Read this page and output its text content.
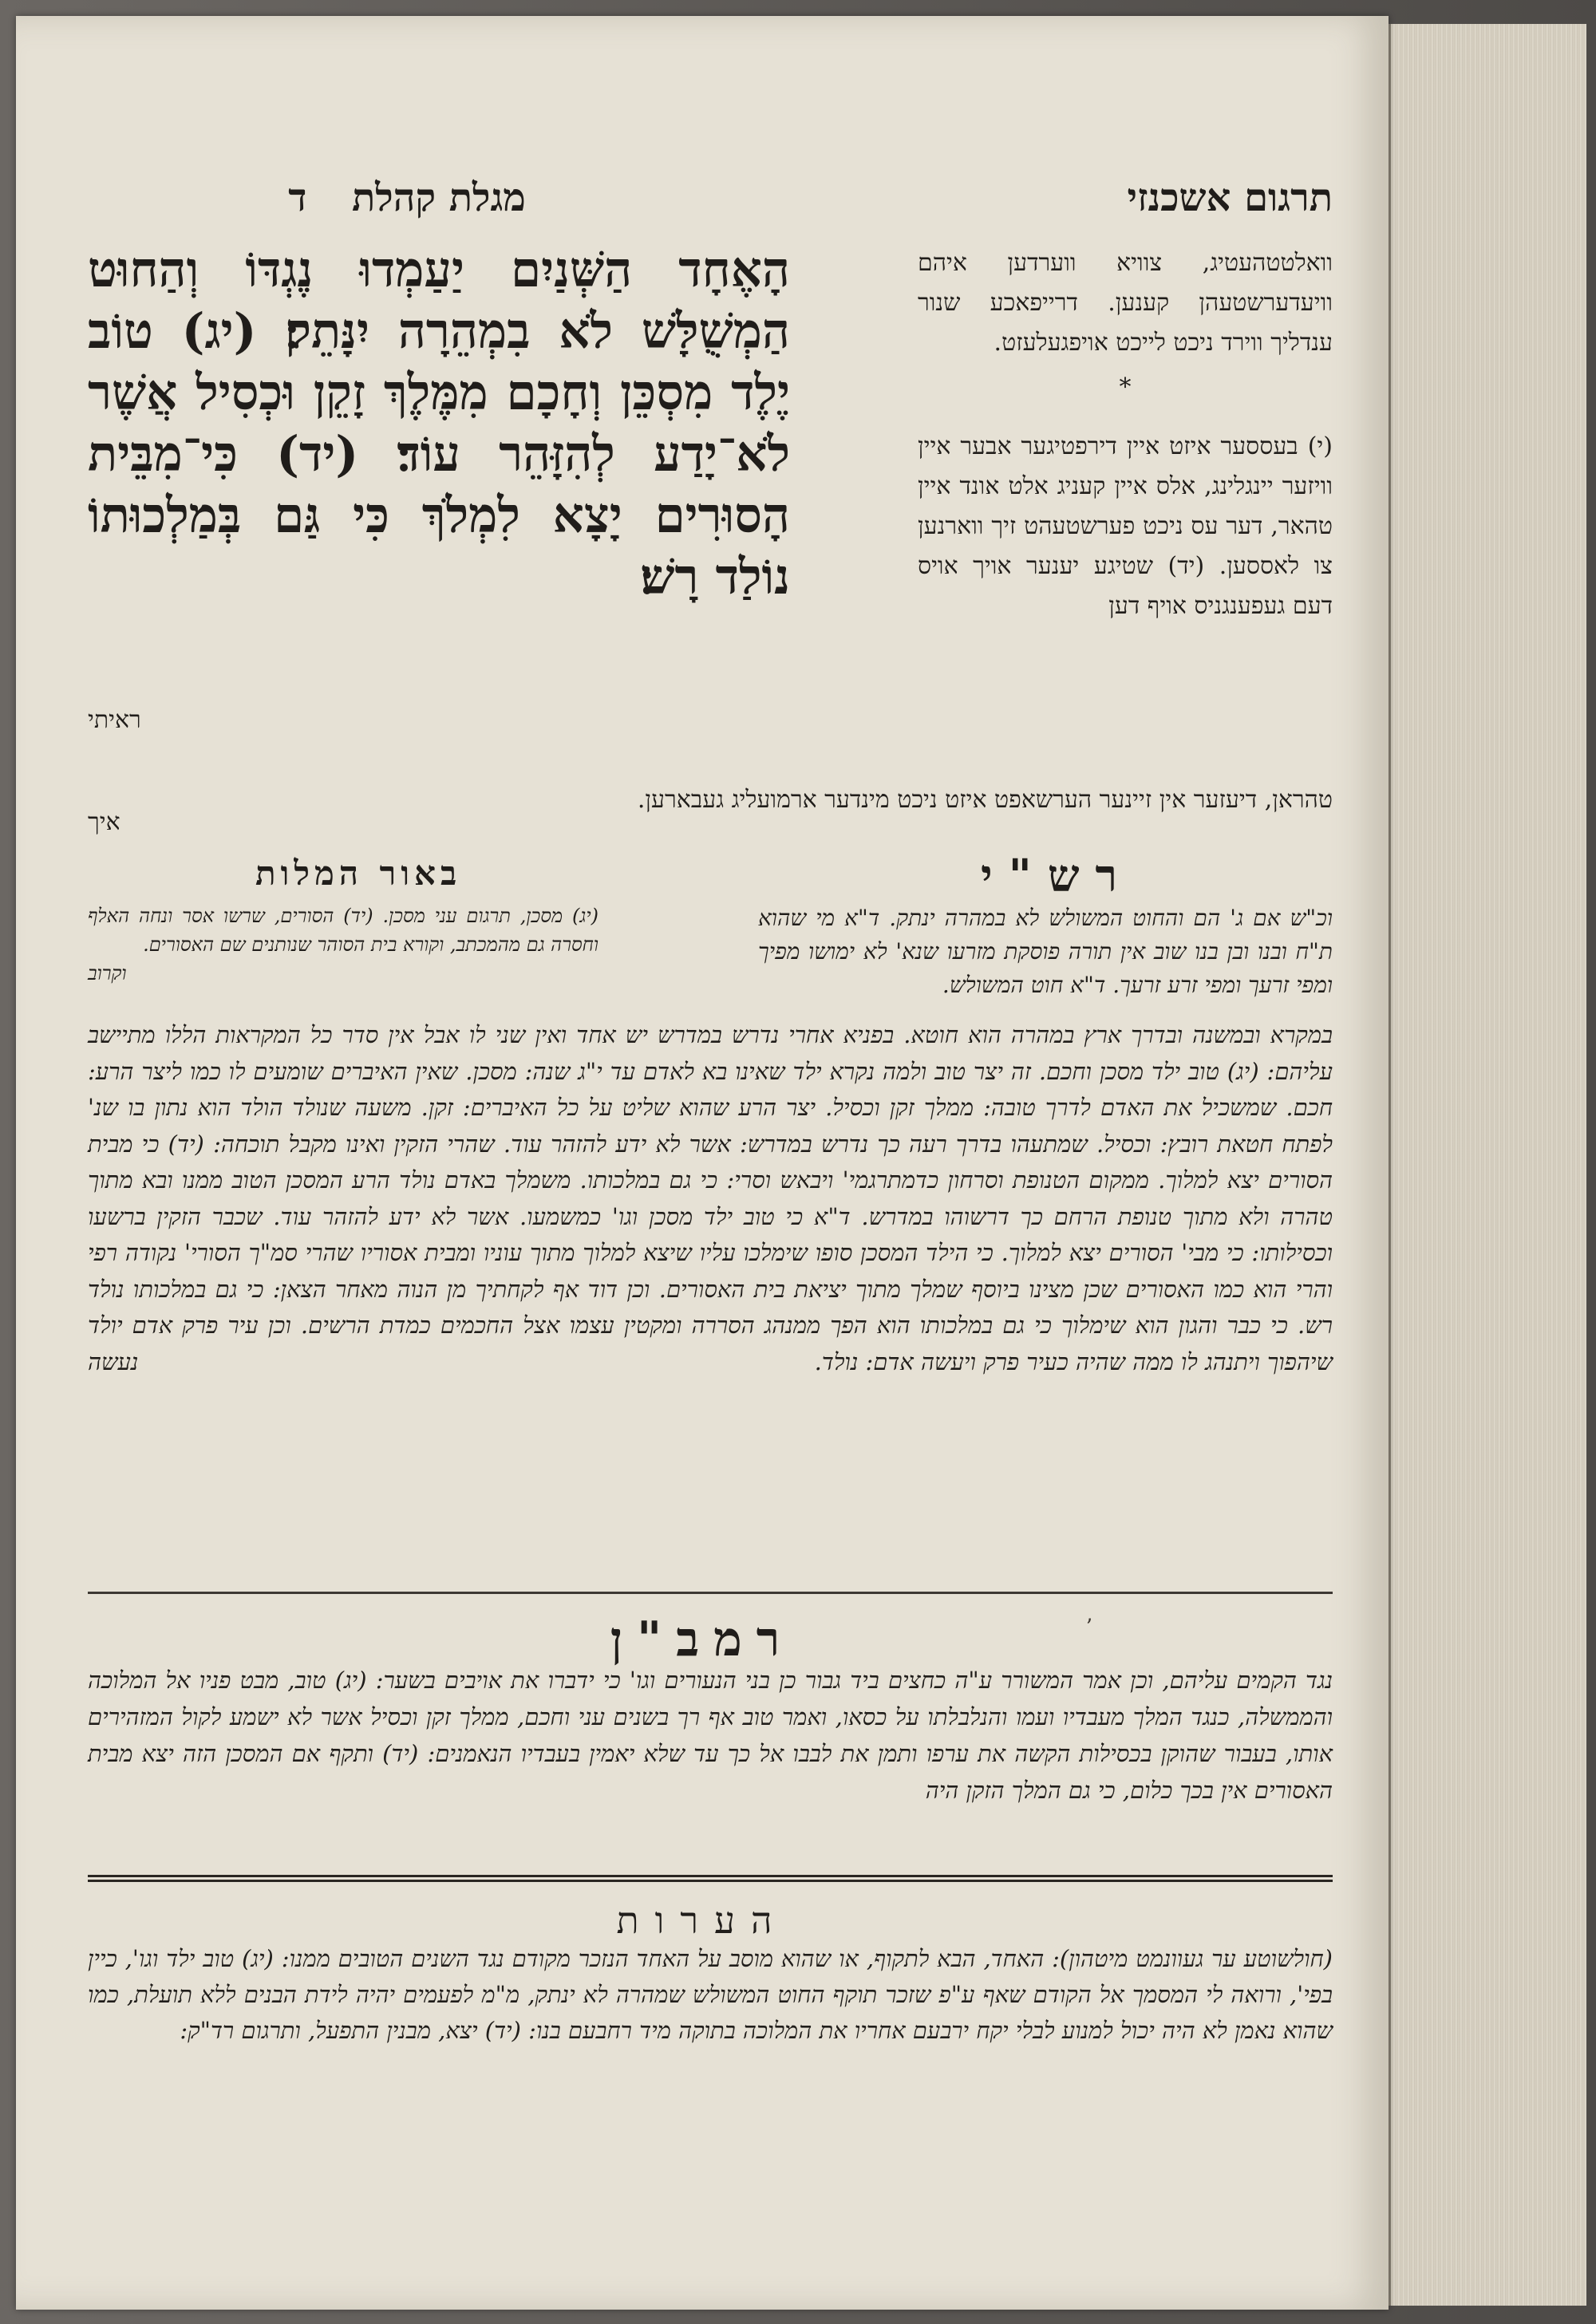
תרגום אשכנזי
מגלת קהלת ד

וואלטטהעטיג, צוויא ווערדען איהם וויעדערשטעהן קענען. דרייפאכע שנור ענדליך ווירד ניכט לייכט אויפגעלעזט.

*

(י) בעססער איזט איין דירפטיגער אבער איין וויזער יינגלינג, אלס איין קעניג אלט אונד איין טהאר, דער עס ניכט פערשטעהט זיך ווארנען צו לאססען. (יד) שטיגע יענער אויך אויס דעם געפענגניס אויף דען

הָאֶחָד הַשְּׁנַיִם יַעַמְדוּ נֶגְדּוֹ וְהַחוּט הַמְשֻׁלָּשׁ לֹא בִמְהֵרָה יִנָּתֵק׃ (יג) טוֹב יֶלֶד מִסְכֵּן וְחָכָם מִמֶּלֶךְ זָקֵן וּכְסִיל אֲשֶׁר לֹא־יָדַע לְהִזָּהֵר עוֹד׃ (יד) כִּי־מִבֵּית הָסוּרִים יָצָא לִמְלֹךְ כִּי גַּם בְּמַלְכוּתוֹ נוֹלַד רָשׁ׃
ראיתי
טהראן, דיעזער אין זיינער הערשאפט איזט ניכט מינדער ארמועליג געבארען.
איך
רש"י
באור המלות
וכ"ש אם ג' הם והחוט המשולש לא במהרה ינתק. ד"א מי שהוא ת"ח ובנו ובן בנו שוב אין תורה פוסקת מזרעו שנא' לא ימושו מפיך ומפי זרעך ומפי זרע זרעך. ד"א חוט המשולש.
(יג) מסכן, תרגום עני מסכן. (יד) הסורים, שרשו אסר ונחה האלף וחסרה גם מהמכתב, וקורא בית הסוהר שנותנים שם האסורים.
וקרוב
במקרא ובמשנה ובדרך ארץ במהרה הוא חוטא. בפניא אחרי נדרש במדרש יש אחד ואין שני לו אבל אין סדר כל המקראות הללו מתיישב עליהם: (יג) טוב ילד מסכן וחכם. זה יצר טוב ולמה נקרא ילד שאינו בא לאדם עד י"ג שנה: מסכן. שאין האיברים שומעים לו כמו ליצר הרע: חכם. שמשכיל את האדם לדרך טובה: ממלך זקן וכסיל. יצר הרע שהוא שליט על כל האיברים: זקן. משעה שנולד הולד הוא נתון בו שנ' לפתח חטאת רובץ: וכסיל. שמתעהו בדרך רעה כך נדרש במדרש: אשר לא ידע להזהר עוד. שהרי הזקין ואינו מקבל תוכחה: (יד) כי מבית הסורים יצא למלוך. ממקום הטנופת וסרחון כדמתרגמי' ויבאש וסרי: כי גם במלכותו. משמלך באדם נולד הרע המסכן הטוב ממנו ובא מתוך טהרה ולא מתוך טנופת הרחם כך דרשוהו במדרש. ד"א כי טוב ילד מסכן וגו' כמשמעו. אשר לא ידע להזהר עוד. שכבר הזקין ברשעו וכסילותו: כי מבי' הסורים יצא למלוך. כי הילד המסכן סופו שימלכו עליו שיצא למלוך מתוך עוניו ומבית אסוריו שהרי סמ"ך הסורי' נקודה רפי והרי הוא כמו האסורים שכן מצינו ביוסף שמלך מתוך יציאת בית האסורים. וכן דוד אף לקחתיך מן הנוה מאחר הצאן: כי גם במלכותו נולד רש. כי כבר והגון הוא שימלוך כי גם במלכותו הוא הפך ממנהג הסררה ומקטין עצמו אצל החכמים כמדת הרשים. וכן עיר פרק אדם יולד שיהפוך ויתנהג לו ממה שהיה כעיר פרק ויעשה אדם: נולד.
נעשה
ʼ
רמב"ן
נגד הקמים עליהם, וכן אמר המשורר ע"ה כחצים ביד גבור כן בני הנעורים וגו' כי ידברו את אויבים בשער: (יג) טוב, מבט פניו אל המלוכה והממשלה, כנגד המלך מעבדיו ועמו והנלבלתו על כסאו, ואמר טוב אף רך בשנים עני וחכם, ממלך זקן וכסיל אשר לא ישמע לקול המזהירים אותו, בעבור שהוקן בכסילות הקשה את ערפו ותמן את לבבו אל כך עד שלא יאמין בעבדיו הנאמנים: (יד) ותקף אם המסכן הזה יצא מבית האסורים אין בכך כלום, כי גם המלך הזקן היה
הערות
(חולשוטע ער געוונמט מיטהון): האחד, הבא לתקוף, או שהוא מוסב על האחד הנזכר מקודם נגד השנים הטובים ממנו: (יג) טוב ילד וגו', כיין בפי', ורואה לי המסמך אל הקודם שאף ע"פ שזכר תוקף החוט המשולש שמהרה לא ינתק, מ"מ לפעמים יהיה לידת הבנים ללא תועלת, כמו שהוא נאמן לא היה יכול למנוע לבלי יקח ירבעם אחריו את המלוכה בתוקה מיד רחבעם בנו: (יד) יצא, מבנין התפעל, ותרגום רד"ק:
